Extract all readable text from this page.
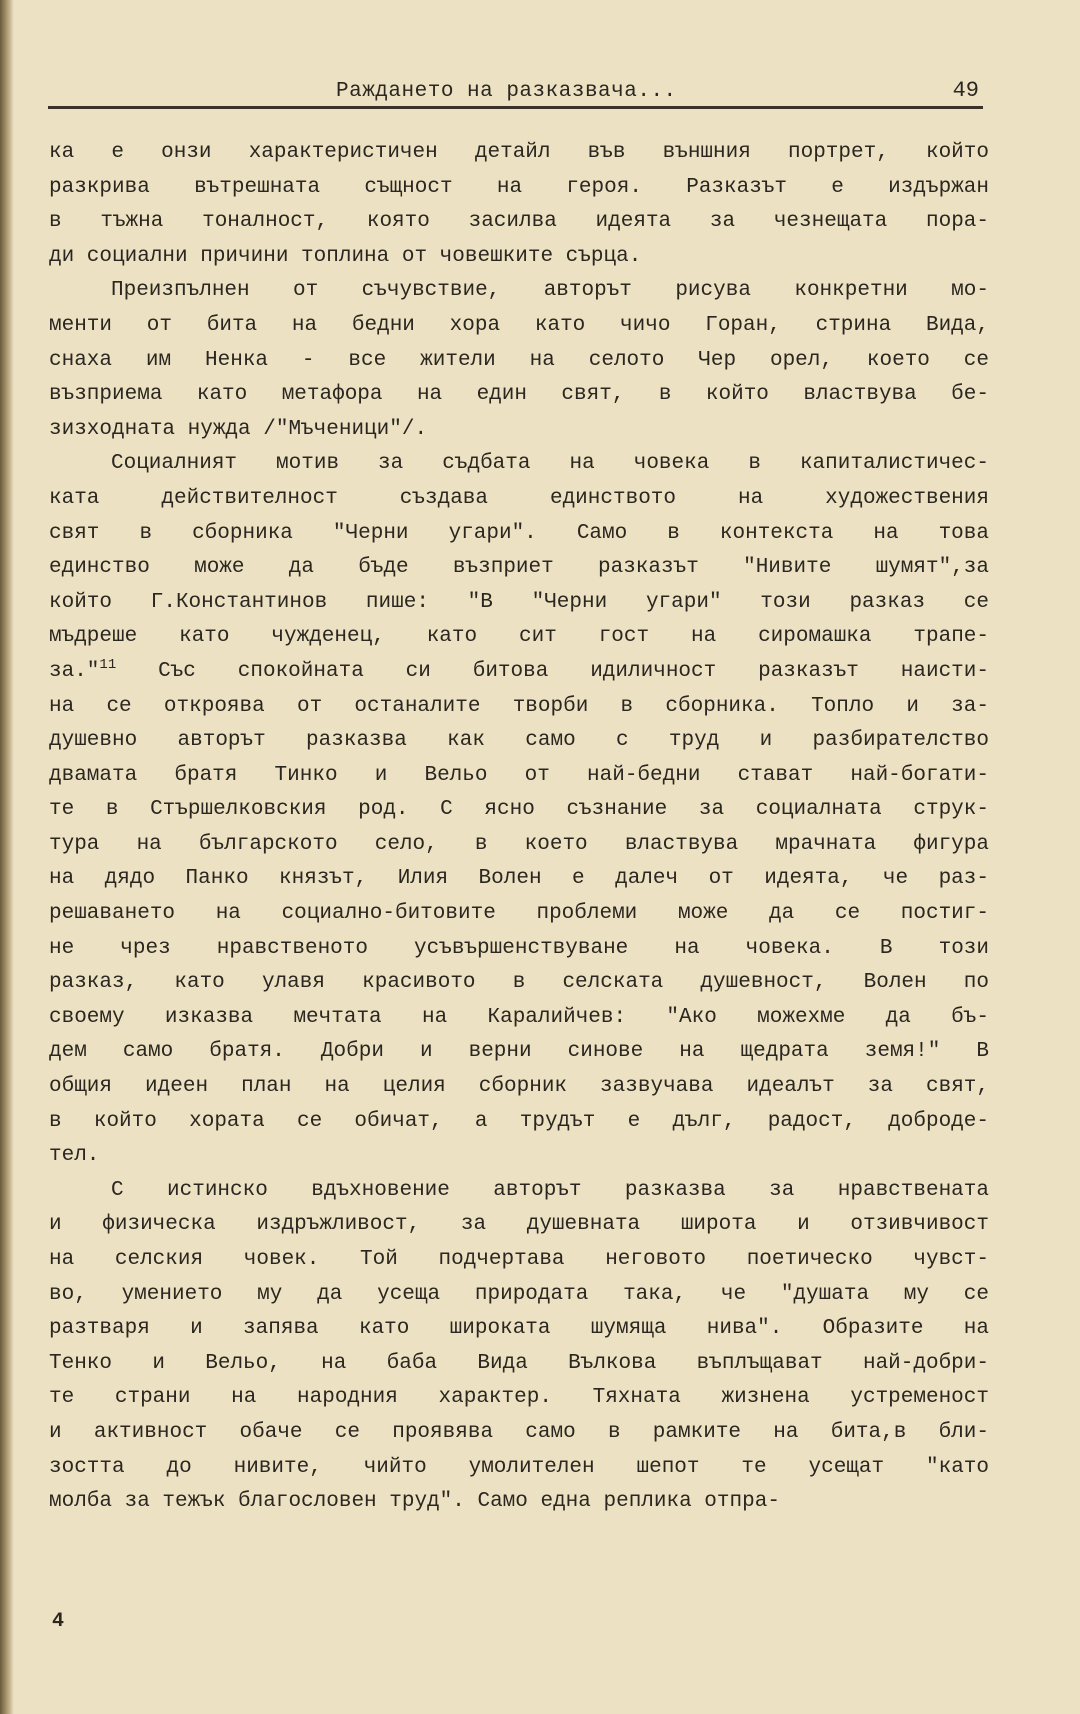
Раждането на разказвача...	49
ка е онзи характеристичен детайл във външния портрет, който
разкрива вътрешната същност на героя. Разказът е издържан
в тъжна тоналност, която засилва идеята за чезнещата пора-
ди социални причини топлина от човешките сърца.
Преизпълнен от съчувствие, авторът рисува конкретни мо-
менти от бита на бедни хора като чичо Горан, стрина Вида,
снаха им Ненка - все жители на селото Чер орел, което се
възприема като метафора на един свят, в който властвува бе-
зизходната нужда /"Мъченици"/.
Социалният мотив за съдбата на човека в капиталистичес-
ката действителност създава единството на художествения
свят в сборника "Черни угари". Само в контекста на това
единство може да бъде възприет разказът "Нивите шумят",за
който Г.Константинов пише: "В "Черни угари" този разказ се
мъдреше като чужденец, като сит гост на сиромашка трапе-
за."$^{11}$ Със спокойната си битова идиличност разказът наисти-
на се откроява от останалите творби в сборника. Топло и за-
душевно авторът разказва как само с труд и разбирателство
двамата братя Тинко и Вельо от най-бедни стават най-богати-
те в Стършелковския род. С ясно съзнание за социалната струк-
тура на българското село, в което властвува мрачната фигура
на дядо Панко князът, Илия Волен е далеч от идеята, че раз-
решаването на социално-битовите проблеми може да се постиг-
не чрез нравственото усъвършенствуване на човека. В този
разказ, като улавя красивото в селската душевност, Волен по
своему изказва мечтата на Каралийчев: "Ако можехме да бъ-
дем само братя. Добри и верни синове на щедрата земя!" В
общия идеен план на целия сборник зазвучава идеалът за свят,
в който хората се обичат, а трудът е дълг, радост, доброде-
тел.
С истинско вдъхновение авторът разказва за нравствената
и физическа издръжливост, за душевната широта и отзивчивост
на селския човек. Той подчертава неговото поетическо чувст-
во, умението му да усеща природата така, че "душата му се
разтваря и запява като широката шумяща нива". Образите на
Тенко и Вельо, на баба Вида Вълкова въплъщават най-добри-
те страни на народния характер. Тяхната жизнена устременост
и активност обаче се проявява само в рамките на бита,в бли-
зостта до нивите, чийто умолителен шепот те усещат "като
молба за тежък благословен труд". Само една реплика отпра-
4
